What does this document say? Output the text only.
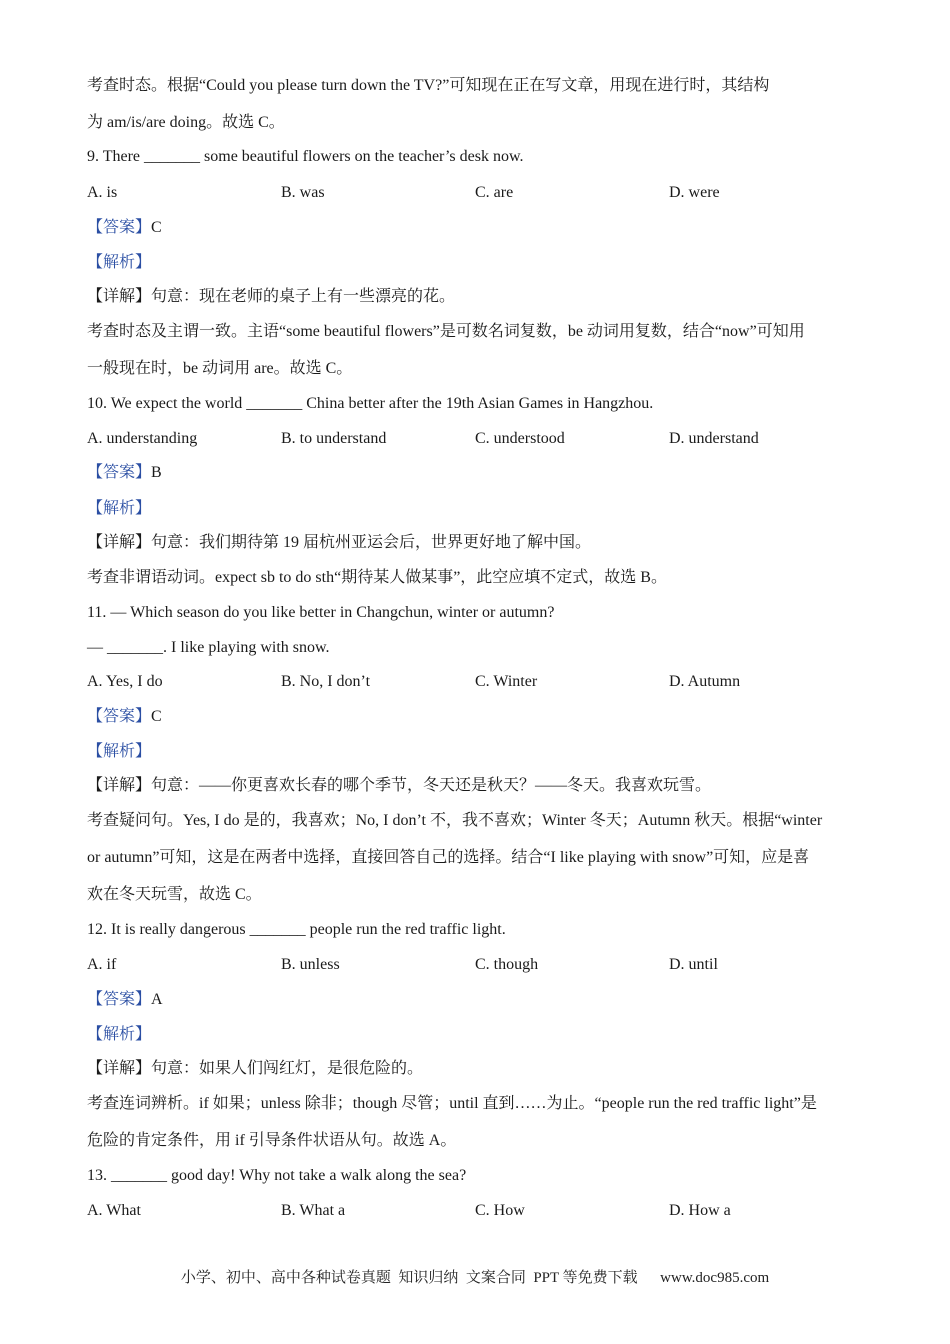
考查时态。根据“Could you please turn down the TV?”可知现在正在写文章，用现在进行时，其结构
为 am/is/are doing。故选 C。
9. There _______ some beautiful flowers on the teacher’s desk now.
A. is	B. was	C. are	D. were
【答案】C
【解析】
【详解】句意：现在老师的桌子上有一些漂亮的花。
考查时态及主谓一致。主语“some beautiful flowers”是可数名词复数，be 动词用复数，结合“now”可知用
一般现在时，be 动词用 are。故选 C。
10. We expect the world _______ China better after the 19th Asian Games in Hangzhou.
A. understanding	B. to understand	C. understood	D. understand
【答案】B
【解析】
【详解】句意：我们期待第 19 届杭州亚运会后，世界更好地了解中国。
考查非谓语动词。expect sb to do sth“期待某人做某事”，此空应填不定式，故选 B。
11. — Which season do you like better in Changchun, winter or autumn?
— _______. I like playing with snow.
A. Yes, I do	B. No, I don’t	C. Winter	D. Autumn
【答案】C
【解析】
【详解】句意：——你更喜欢长春的哪个季节，冬天还是秋天？——冬天。我喜欢玩雪。
考查疑问句。Yes, I do 是的，我喜欢；No, I don’t 不，我不喜欢；Winter 冬天；Autumn 秋天。根据“winter
or autumn”可知，这是在两者中选择，直接回答自己的选择。结合“I like playing with snow”可知，应是喜
欢在冬天玩雪，故选 C。
12. It is really dangerous _______ people run the red traffic light.
A. if	B. unless	C. though	D. until
【答案】A
【解析】
【详解】句意：如果人们闯红灯，是很危险的。
考查连词辨析。if 如果；unless 除非；though 尽管；until 直到……为止。“people run the red traffic light”是
危险的肯定条件，用 if 引导条件状语从句。故选 A。
13. _______ good day! Why not take a walk along the sea?
A. What	B. What a	C. How	D. How a
小学、初中、高中各种试卷真题  知识归纳  文案合同  PPT 等免费下载      www.doc985.com
